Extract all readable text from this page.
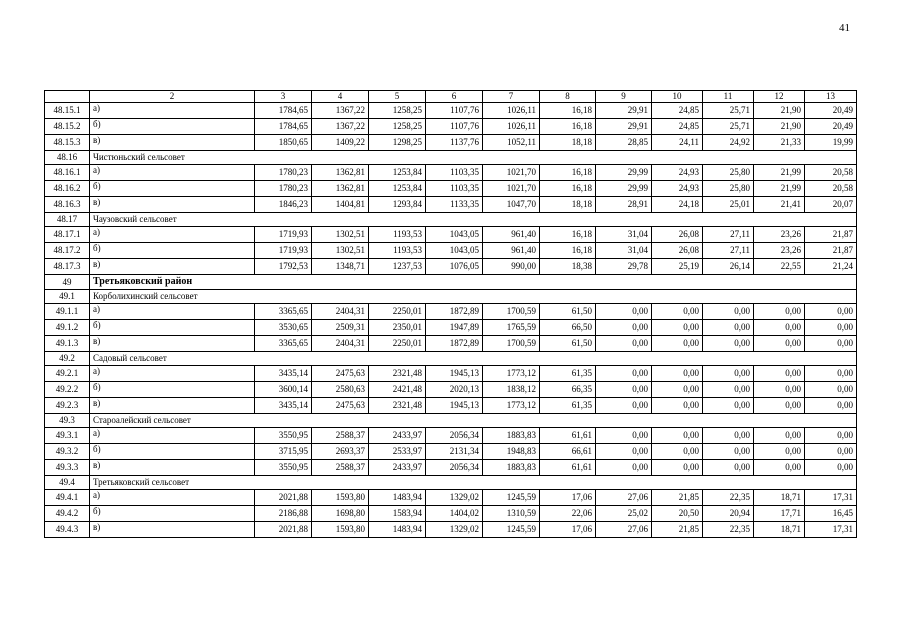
41
	2	3	4	5	6	7	8	9	10	11	12	13
48.15.1	а)	1784,65	1367,22	1258,25	1107,76	1026,11	16,18	29,91	24,85	25,71	21,90	20,49
48.15.2	б)	1784,65	1367,22	1258,25	1107,76	1026,11	16,18	29,91	24,85	25,71	21,90	20,49
48.15.3	в)	1850,65	1409,22	1298,25	1137,76	1052,11	18,18	28,85	24,11	24,92	21,33	19,99
48.16	Чистюньский сельсовет											
48.16.1	а)	1780,23	1362,81	1253,84	1103,35	1021,70	16,18	29,99	24,93	25,80	21,99	20,58
48.16.2	б)	1780,23	1362,81	1253,84	1103,35	1021,70	16,18	29,99	24,93	25,80	21,99	20,58
48.16.3	в)	1846,23	1404,81	1293,84	1133,35	1047,70	18,18	28,91	24,18	25,01	21,41	20,07
48.17	Чаузовский сельсовет											
48.17.1	а)	1719,93	1302,51	1193,53	1043,05	961,40	16,18	31,04	26,08	27,11	23,26	21,87
48.17.2	б)	1719,93	1302,51	1193,53	1043,05	961,40	16,18	31,04	26,08	27,11	23,26	21,87
48.17.3	в)	1792,53	1348,71	1237,53	1076,05	990,00	18,38	29,78	25,19	26,14	22,55	21,24
49	Третьяковский район											
49.1	Корболихинский сельсовет											
49.1.1	а)	3365,65	2404,31	2250,01	1872,89	1700,59	61,50	0,00	0,00	0,00	0,00	0,00
49.1.2	б)	3530,65	2509,31	2350,01	1947,89	1765,59	66,50	0,00	0,00	0,00	0,00	0,00
49.1.3	в)	3365,65	2404,31	2250,01	1872,89	1700,59	61,50	0,00	0,00	0,00	0,00	0,00
49.2	Садовый сельсовет											
49.2.1	а)	3435,14	2475,63	2321,48	1945,13	1773,12	61,35	0,00	0,00	0,00	0,00	0,00
49.2.2	б)	3600,14	2580,63	2421,48	2020,13	1838,12	66,35	0,00	0,00	0,00	0,00	0,00
49.2.3	в)	3435,14	2475,63	2321,48	1945,13	1773,12	61,35	0,00	0,00	0,00	0,00	0,00
49.3	Староалейский сельсовет											
49.3.1	а)	3550,95	2588,37	2433,97	2056,34	1883,83	61,61	0,00	0,00	0,00	0,00	0,00
49.3.2	б)	3715,95	2693,37	2533,97	2131,34	1948,83	66,61	0,00	0,00	0,00	0,00	0,00
49.3.3	в)	3550,95	2588,37	2433,97	2056,34	1883,83	61,61	0,00	0,00	0,00	0,00	0,00
49.4	Третьяковский сельсовет											
49.4.1	а)	2021,88	1593,80	1483,94	1329,02	1245,59	17,06	27,06	21,85	22,35	18,71	17,31
49.4.2	б)	2186,88	1698,80	1583,94	1404,02	1310,59	22,06	25,02	20,50	20,94	17,71	16,45
49.4.3	в)	2021,88	1593,80	1483,94	1329,02	1245,59	17,06	27,06	21,85	22,35	18,71	17,31
